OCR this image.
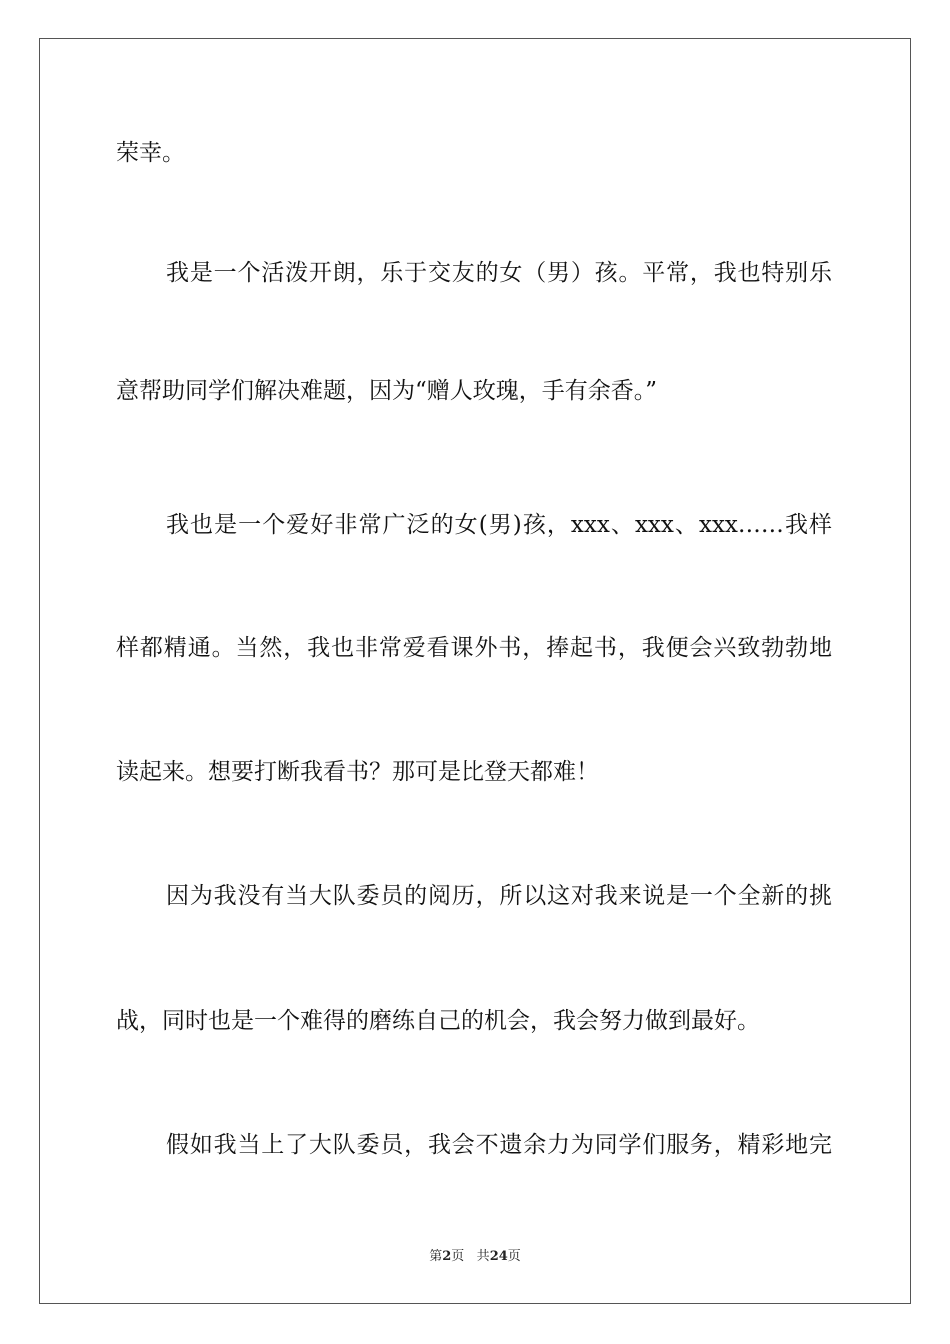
荣幸。
我是一个活泼开朗，乐于交友的女（男）孩。平常，我也特别乐
意帮助同学们解决难题，因为“赠人玫瑰，手有余香。”
我也是一个爱好非常广泛的女(男)孩，xxx、xxx、xxx……我样
样都精通。当然，我也非常爱看课外书，捧起书，我便会兴致勃勃地
读起来。想要打断我看书？那可是比登天都难！
因为我没有当大队委员的阅历，所以这对我来说是一个全新的挑
战，同时也是一个难得的磨练自己的机会，我会努力做到最好。
假如我当上了大队委员，我会不遗余力为同学们服务，精彩地完
第2页 共24页
